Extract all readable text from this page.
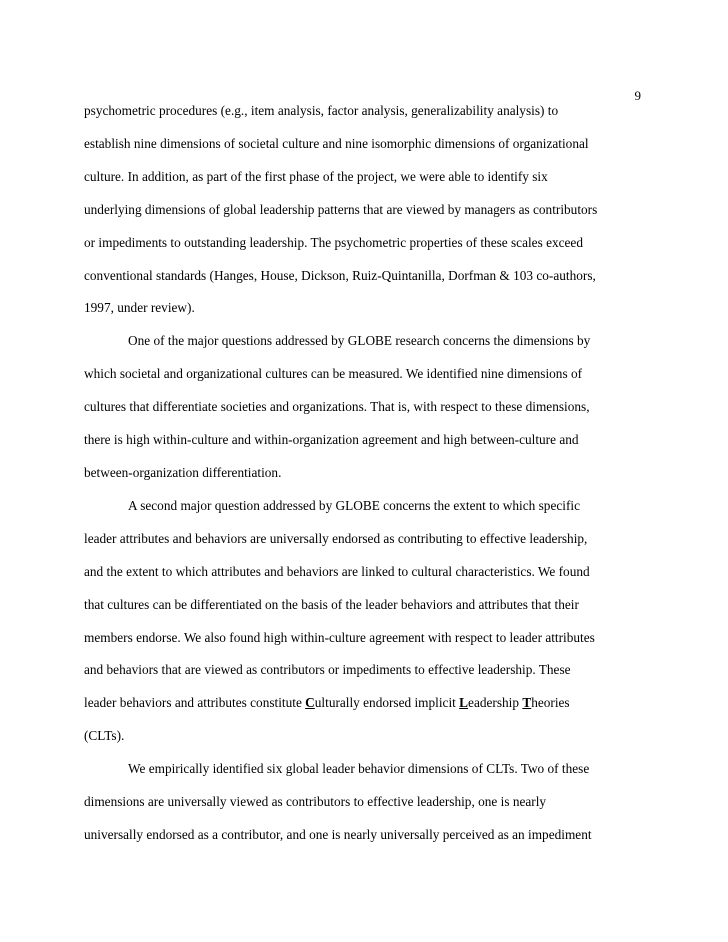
9

psychometric procedures (e.g., item analysis, factor analysis, generalizability analysis) to
establish nine dimensions of societal culture and nine isomorphic dimensions of organizational
culture. In addition, as part of the first phase of the project, we were able to identify six
underlying dimensions of global leadership patterns that are viewed by managers as contributors
or impediments to outstanding leadership. The psychometric properties of these scales exceed
conventional standards (Hanges, House, Dickson, Ruiz-Quintanilla, Dorfman & 103 co-authors,
1997, under review).

One of the major questions addressed by GLOBE research concerns the dimensions by
which societal and organizational cultures can be measured. We identified nine dimensions of
cultures that differentiate societies and organizations. That is, with respect to these dimensions,
there is high within-culture and within-organization agreement and high between-culture and
between-organization differentiation.

A second major question addressed by GLOBE concerns the extent to which specific
leader attributes and behaviors are universally endorsed as contributing to effective leadership,
and the extent to which attributes and behaviors are linked to cultural characteristics. We found
that cultures can be differentiated on the basis of the leader behaviors and attributes that their
members endorse. We also found high within-culture agreement with respect to leader attributes
and behaviors that are viewed as contributors or impediments to effective leadership. These
leader behaviors and attributes constitute Culturally endorsed implicit Leadership Theories
(CLTs).

We empirically identified six global leader behavior dimensions of CLTs. Two of these
dimensions are universally viewed as contributors to effective leadership, one is nearly
universally endorsed as a contributor, and one is nearly universally perceived as an impediment
